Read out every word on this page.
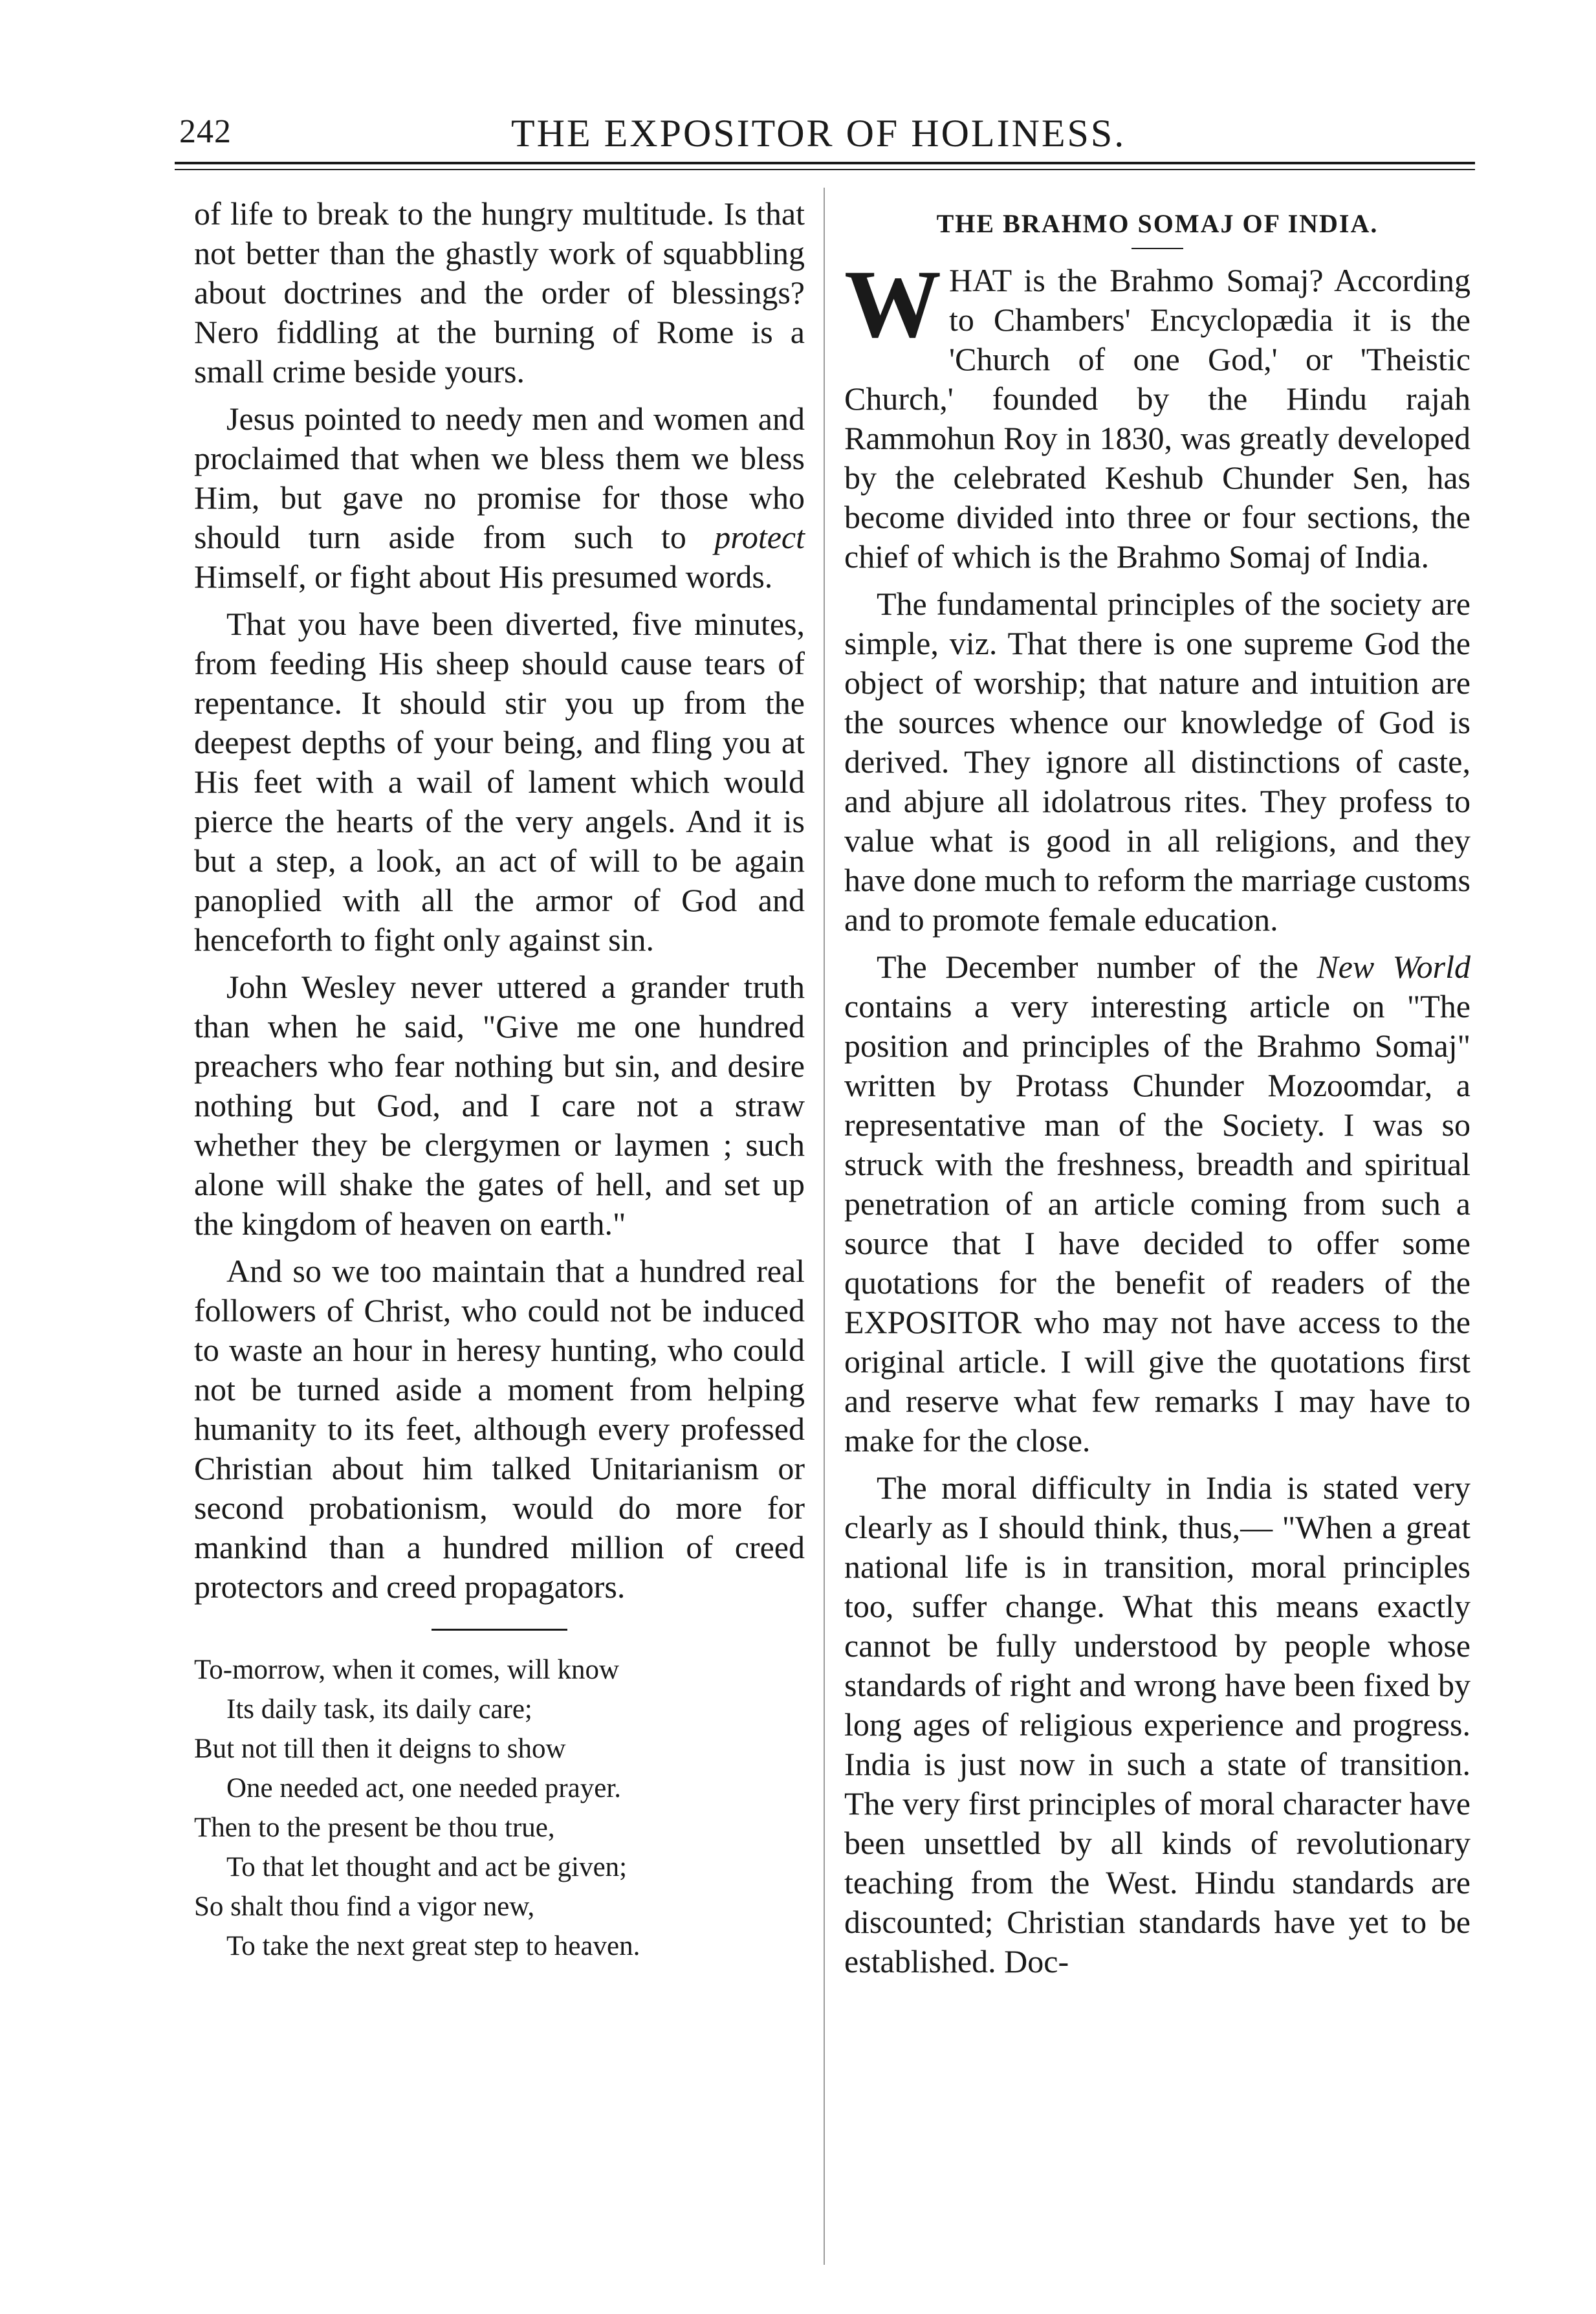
242	THE EXPOSITOR OF HOLINESS.

of life to break to the hungry multitude. Is that not better than the ghastly work of squabbling about doctrines and the order of blessings? Nero fiddling at the burning of Rome is a small crime beside yours.

Jesus pointed to needy men and women and proclaimed that when we bless them we bless Him, but gave no promise for those who should turn aside from such to protect Himself, or fight about His presumed words.

That you have been diverted, five minutes, from feeding His sheep should cause tears of repentance. It should stir you up from the deepest depths of your being, and fling you at His feet with a wail of lament which would pierce the hearts of the very angels. And it is but a step, a look, an act of will to be again panoplied with all the armor of God and henceforth to fight only against sin.

John Wesley never uttered a grander truth than when he said, "Give me one hundred preachers who fear nothing but sin, and desire nothing but God, and I care not a straw whether they be clergymen or laymen ; such alone will shake the gates of hell, and set up the kingdom of heaven on earth."

And so we too maintain that a hundred real followers of Christ, who could not be induced to waste an hour in heresy hunting, who could not be turned aside a moment from helping humanity to its feet, although every professed Christian about him talked Unitarianism or second probationism, would do more for mankind than a hundred million of creed protectors and creed propagators.

To-morrow, when it comes, will know
Its daily task, its daily care;
But not till then it deigns to show
One needed act, one needed prayer.
Then to the present be thou true,
To that let thought and act be given;
So shalt thou find a vigor new,
To take the next great step to heaven.
THE BRAHMO SOMAJ OF INDIA.

WHAT is the Brahmo Somaj? According to Chambers' Encyclopædia it is the 'Church of one God,' or 'Theistic Church,' founded by the Hindu rajah Rammohun Roy in 1830, was greatly developed by the celebrated Keshub Chunder Sen, has become divided into three or four sections, the chief of which is the Brahmo Somaj of India.

The fundamental principles of the society are simple, viz. That there is one supreme God the object of worship; that nature and intuition are the sources whence our knowledge of God is derived. They ignore all distinctions of caste, and abjure all idolatrous rites. They profess to value what is good in all religions, and they have done much to reform the marriage customs and to promote female education.

The December number of the New World contains a very interesting article on "The position and principles of the Brahmo Somaj" written by Protass Chunder Mozoomdar, a representative man of the Society. I was so struck with the freshness, breadth and spiritual penetration of an article coming from such a source that I have decided to offer some quotations for the benefit of readers of the EXPOSITOR who may not have access to the original article. I will give the quotations first and reserve what few remarks I may have to make for the close.

The moral difficulty in India is stated very clearly as I should think, thus,— "When a great national life is in transition, moral principles too, suffer change. What this means exactly cannot be fully understood by people whose standards of right and wrong have been fixed by long ages of religious experience and progress. India is just now in such a state of transition. The very first principles of moral character have been unsettled by all kinds of revolutionary teaching from the West. Hindu standards are discounted; Christian standards have yet to be established. Doc-
